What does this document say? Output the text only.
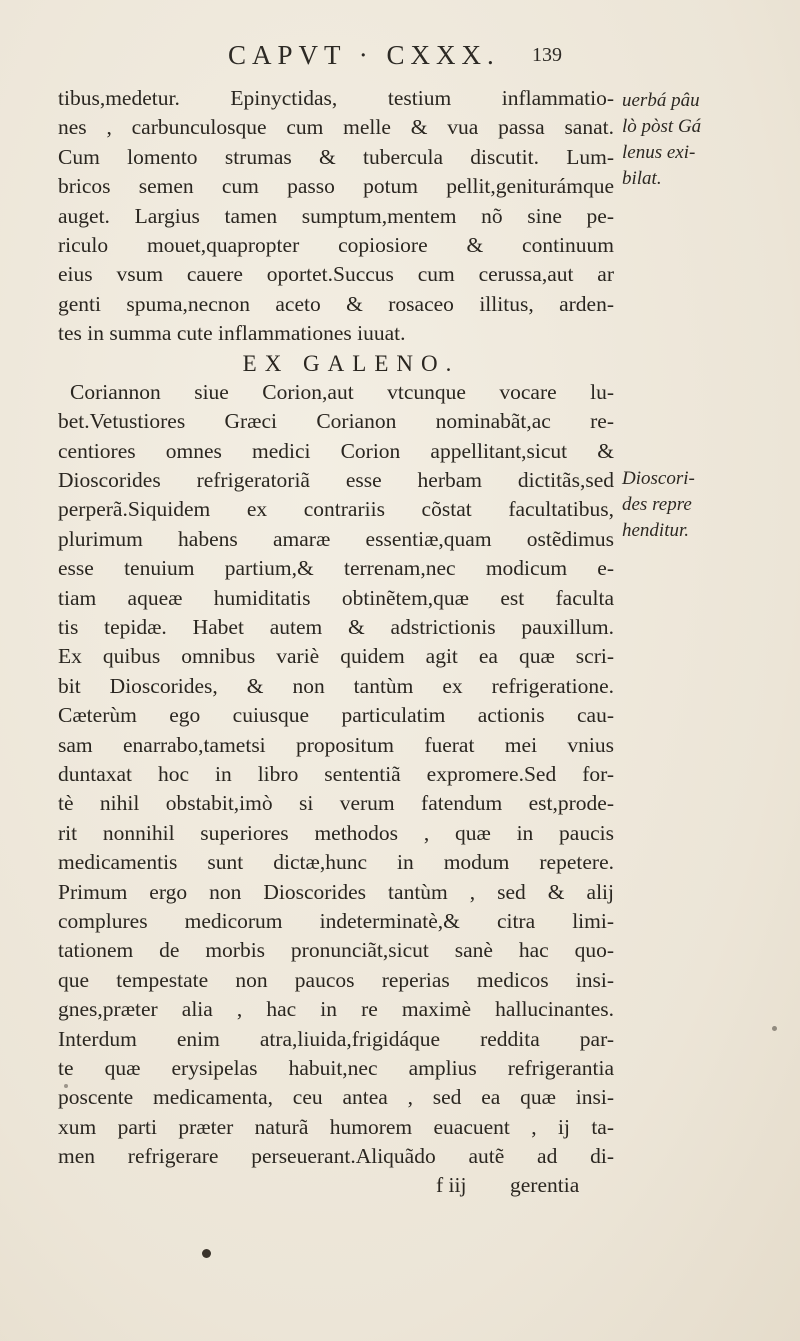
CAPVT · CXXX. 139
tibus,medetur. Epinyctidas, testium inflammatio-
nes , carbunculosque cum melle & vua passa sanat.
Cum lomento strumas & tubercula discutit. Lum-
bricos semen cum passo potum pellit,geniturámque
auget. Largius tamen sumptum,mentem nõ sine pe-
riculo mouet,quapropter copiosiore & continuum
eius vsum cauere oportet.Succus cum cerussa,aut ar
genti spuma,necnon aceto & rosaceo illitus, arden-
tes in summa cute inflammationes iuuat.
EX GALENO.
Coriannon siue Corion,aut vtcunque vocare lu-
bet.Vetustiores Græci Corianon nominabãt,ac re-
centiores omnes medici Corion appellitant,sicut &
Dioscorides refrigeratoriã esse herbam dictitãs,sed
perperã.Siquidem ex contrariis cõstat facultatibus,
plurimum habens amaræ essentiæ,quam ostẽdimus
esse tenuium partium,& terrenam,nec modicum e-
tiam aqueæ humiditatis obtinẽtem,quæ est faculta
tis tepidæ. Habet autem & adstrictionis pauxillum.
Ex quibus omnibus variè quidem agit ea quæ scri-
bit Dioscorides, & non tantùm ex refrigeratione.
Cæterùm ego cuiusque particulatim actionis cau-
sam enarrabo,tametsi propositum fuerat mei vnius
duntaxat hoc in libro sententiã expromere.Sed for-
tè nihil obstabit,imò si verum fatendum est,prode-
rit nonnihil superiores methodos , quæ in paucis
medicamentis sunt dictæ,hunc in modum repetere.
Primum ergo non Dioscorides tantùm , sed & alij
complures medicorum indeterminatè,& citra limi-
tationem de morbis pronunciãt,sicut sanè hac quo-
que tempestate non paucos reperias medicos insi-
gnes,præter alia , hac in re maximè hallucinantes.
Interdum enim atra,liuida,frigidáque reddita par-
te quæ erysipelas habuit,nec amplius refrigerantia
poscente medicamenta, ceu antea , sed ea quæ insi-
xum parti præter naturã humorem euacuent , ij ta-
men refrigerare perseuerant.Aliquãdo autẽ ad di-
f iij gerentia
uerbá pâu
lò pòst Gá
lenus exi-
bilat.
Dioscori-
des repre
henditur.
